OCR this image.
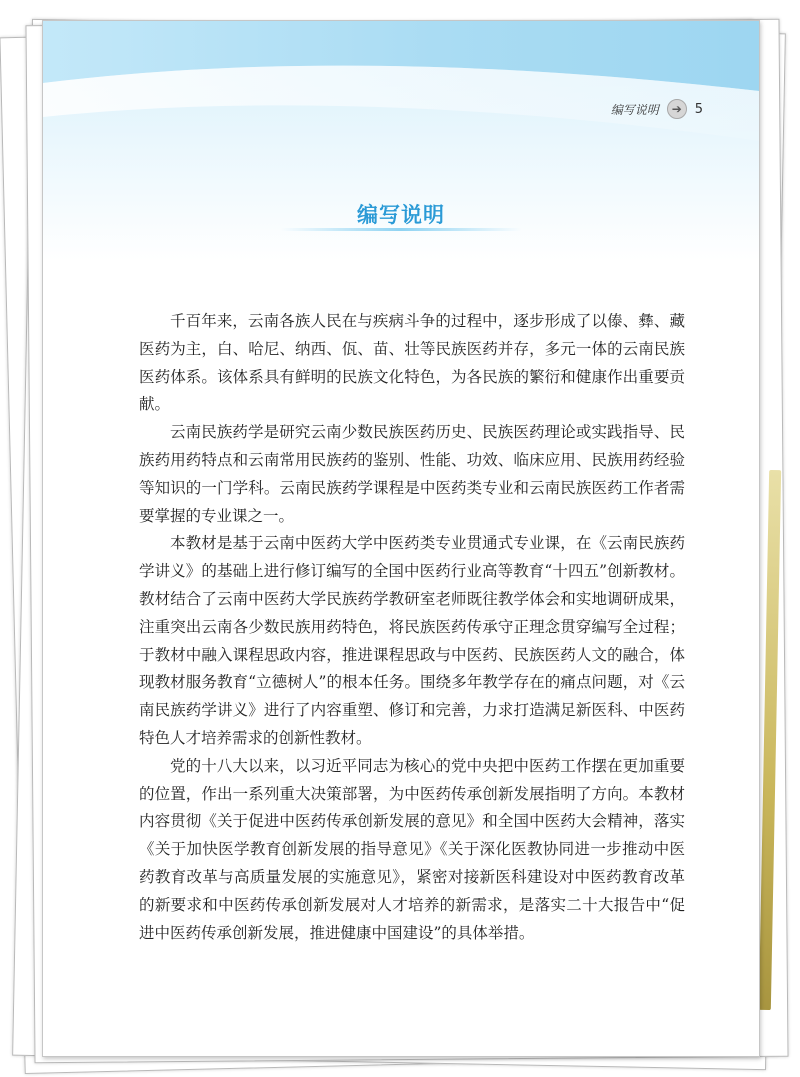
编写说明	➔ 5
编写说明

千百年来，云南各族人民在与疾病斗争的过程中，逐步形成了以傣、彝、藏医药为主，白、哈尼、纳西、佤、苗、壮等民族医药并存，多元一体的云南民族医药体系。该体系具有鲜明的民族文化特色，为各民族的繁衍和健康作出重要贡献。

云南民族药学是研究云南少数民族医药历史、民族医药理论或实践指导、民族药用药特点和云南常用民族药的鉴别、性能、功效、临床应用、民族用药经验等知识的一门学科。云南民族药学课程是中医药类专业和云南民族医药工作者需要掌握的专业课之一。

本教材是基于云南中医药大学中医药类专业贯通式专业课，在《云南民族药学讲义》的基础上进行修订编写的全国中医药行业高等教育“十四五”创新教材。教材结合了云南中医药大学民族药学教研室老师既往教学体会和实地调研成果，注重突出云南各少数民族用药特色，将民族医药传承守正理念贯穿编写全过程；于教材中融入课程思政内容，推进课程思政与中医药、民族医药人文的融合，体现教材服务教育“立德树人”的根本任务。围绕多年教学存在的痛点问题，对《云南民族药学讲义》进行了内容重塑、修订和完善，力求打造满足新医科、中医药特色人才培养需求的创新性教材。

党的十八大以来，以习近平同志为核心的党中央把中医药工作摆在更加重要的位置，作出一系列重大决策部署，为中医药传承创新发展指明了方向。本教材内容贯彻《关于促进中医药传承创新发展的意见》和全国中医药大会精神，落实《关于加快医学教育创新发展的指导意见》《关于深化医教协同进一步推动中医药教育改革与高质量发展的实施意见》，紧密对接新医科建设对中医药教育改革的新要求和中医药传承创新发展对人才培养的新需求，是落实二十大报告中“促进中医药传承创新发展，推进健康中国建设”的具体举措。
